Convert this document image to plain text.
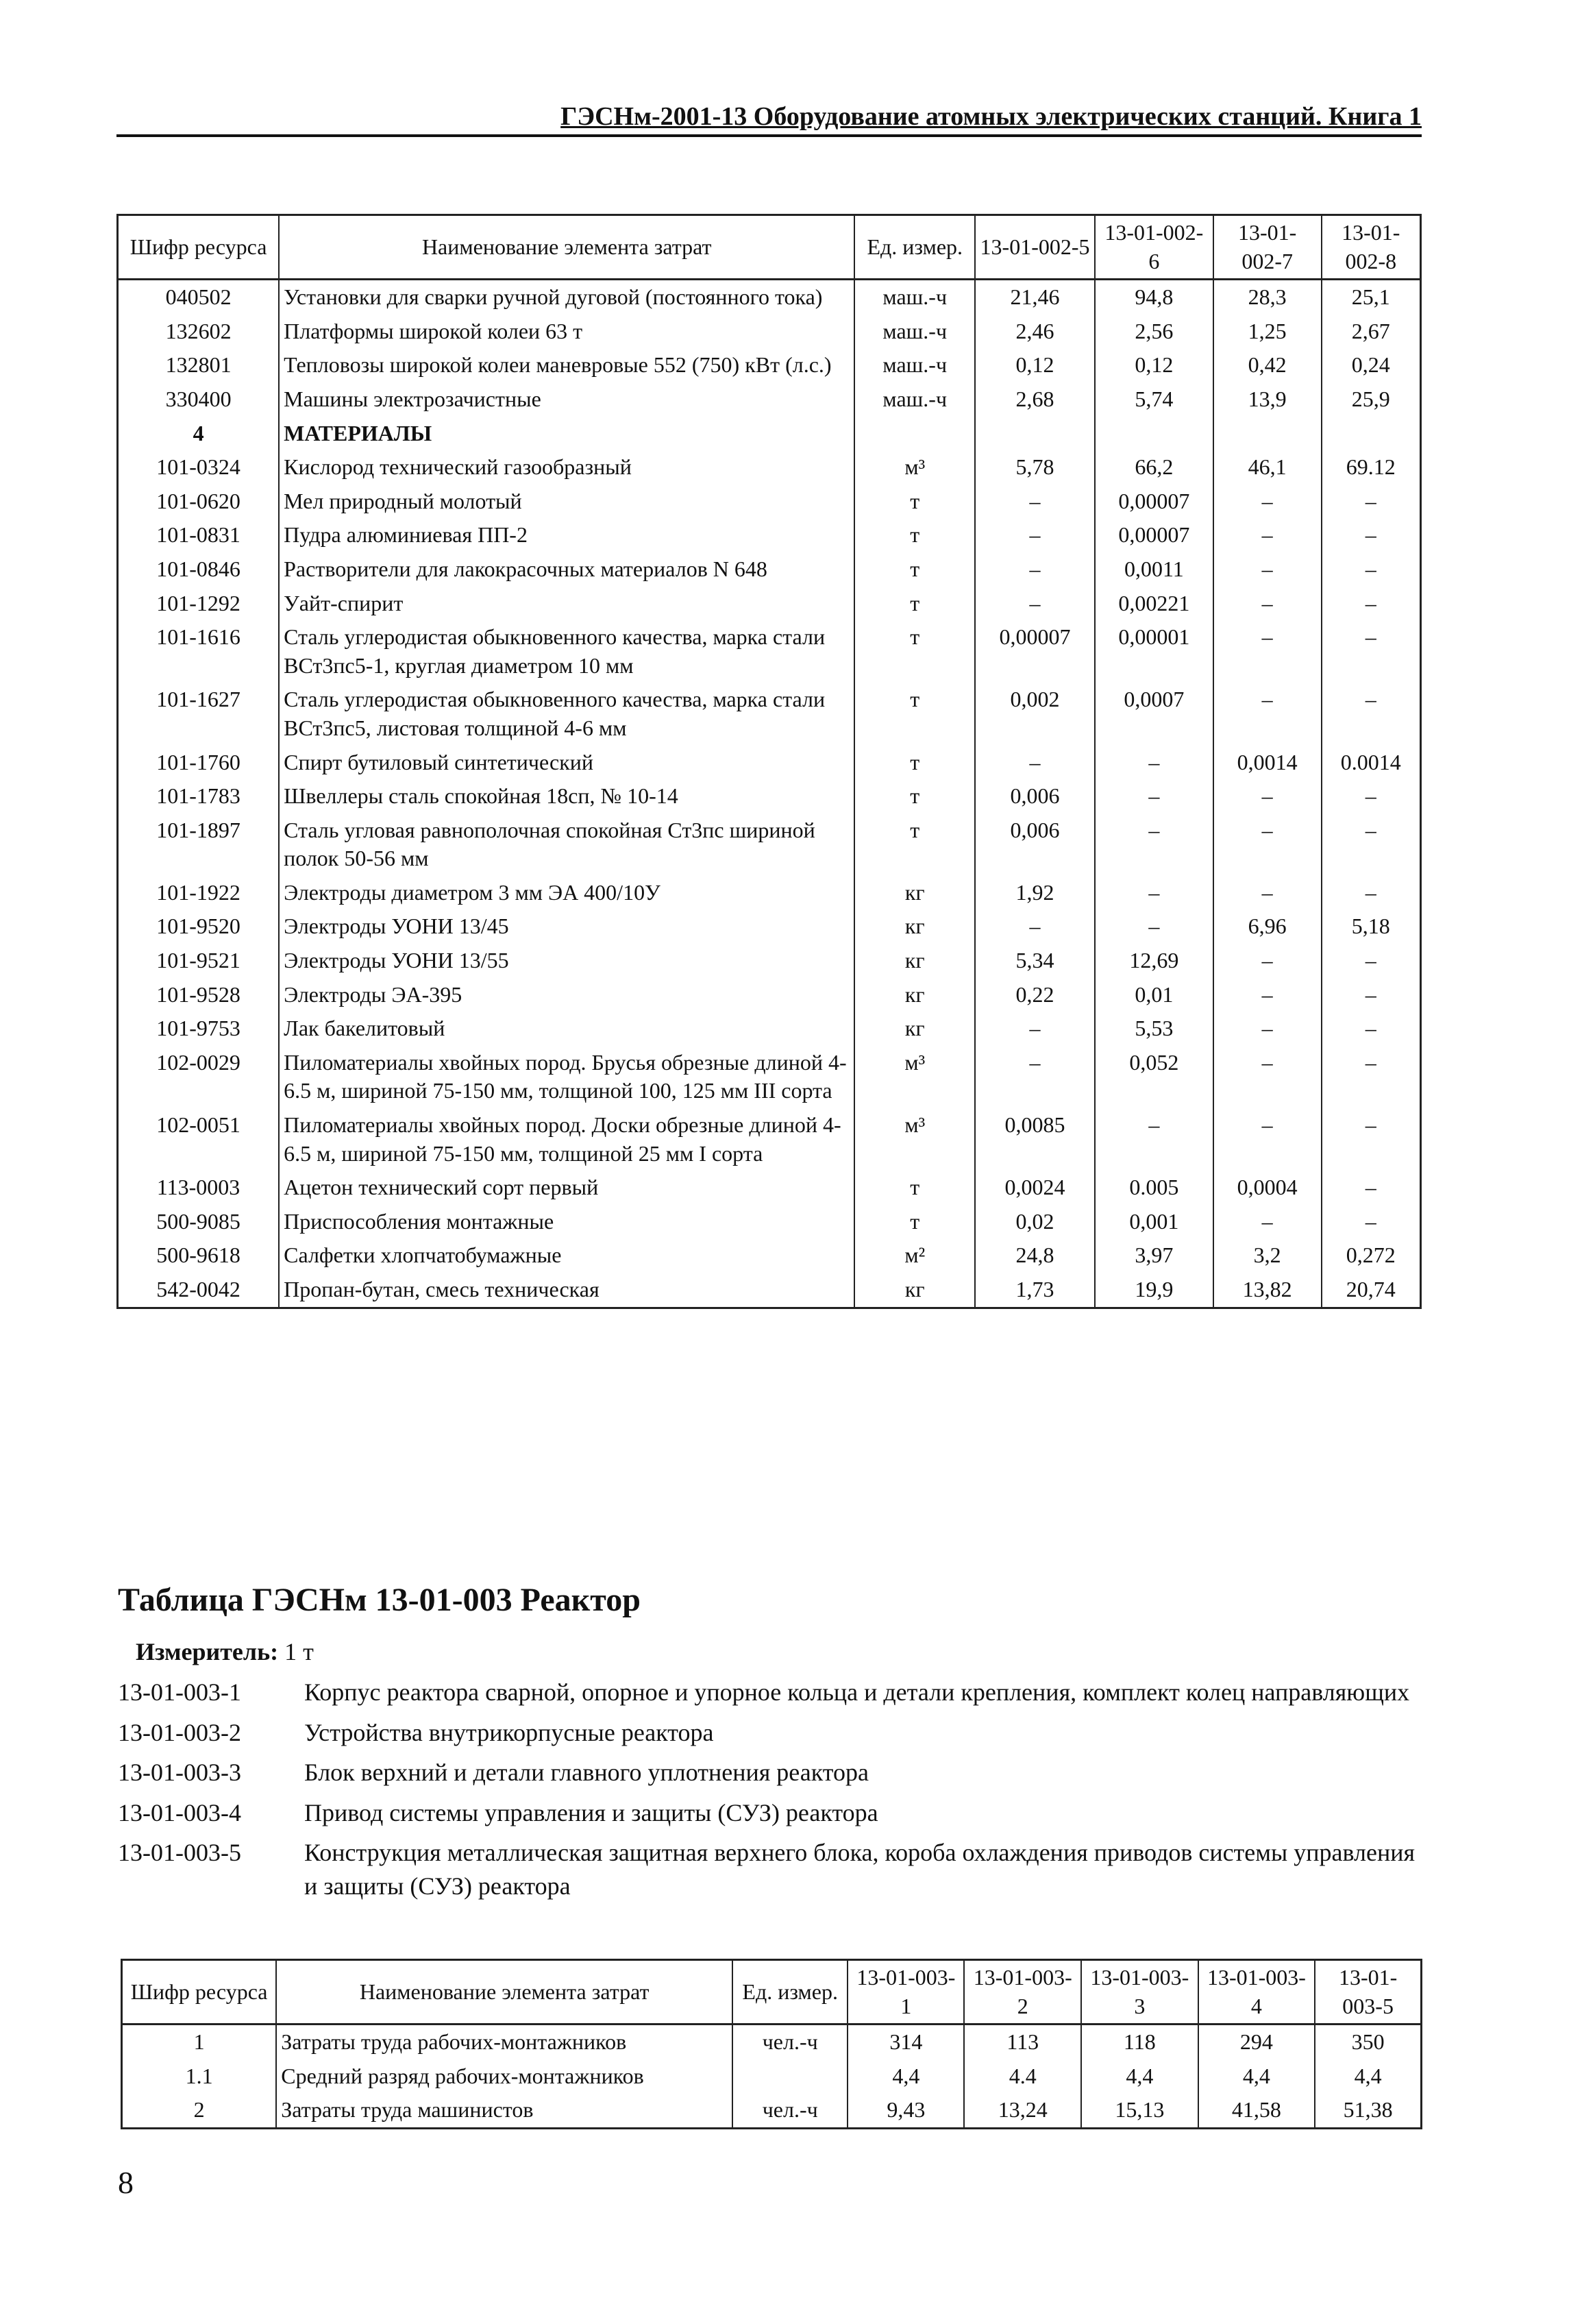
ГЭСНм-2001-13 Оборудование атомных электрических станций. Книга 1
Шифр ресурса	Наименование элемента затрат	Ед. измер.	13-01-002-5	13-01-002-6	13-01-002-7	13-01-002-8
040502	Установки для сварки ручной дуговой (постоянного тока)	маш.-ч	21,46	94,8	28,3	25,1
132602	Платформы широкой колеи 63 т	маш.-ч	2,46	2,56	1,25	2,67
132801	Тепловозы широкой колеи маневровые 552 (750) кВт (л.с.)	маш.-ч	0,12	0,12	0,42	0,24
330400	Машины электрозачистные	маш.-ч	2,68	5,74	13,9	25,9
4	МАТЕРИАЛЫ					
101-0324	Кислород технический газообразный	м³	5,78	66,2	46,1	69.12
101-0620	Мел природный молотый	т	–	0,00007	–	–
101-0831	Пудра алюминиевая ПП-2	т	–	0,00007	–	–
101-0846	Растворители для лакокрасочных материалов N 648	т	–	0,0011	–	–
101-1292	Уайт-спирит	т	–	0,00221	–	–
101-1616	Сталь углеродистая обыкновенного качества, марка стали ВСт3пс5-1, круглая диаметром 10 мм	т	0,00007	0,00001	–	–
101-1627	Сталь углеродистая обыкновенного качества, марка стали ВСт3пс5, листовая толщиной 4-6 мм	т	0,002	0,0007	–	–
101-1760	Спирт бутиловый синтетический	т	–	–	0,0014	0.0014
101-1783	Швеллеры сталь спокойная 18сп, № 10-14	т	0,006	–	–	–
101-1897	Сталь угловая равнополочная спокойная Ст3пс шириной полок 50-56 мм	т	0,006	–	–	–
101-1922	Электроды диаметром 3 мм ЭА 400/10У	кг	1,92	–	–	–
101-9520	Электроды УОНИ 13/45	кг	–	–	6,96	5,18
101-9521	Электроды УОНИ 13/55	кг	5,34	12,69	–	–
101-9528	Электроды ЭА-395	кг	0,22	0,01	–	–
101-9753	Лак бакелитовый	кг	–	5,53	–	–
102-0029	Пиломатериалы хвойных пород. Брусья обрезные длиной 4-6.5 м, шириной 75-150 мм, толщиной 100, 125 мм III сорта	м³	–	0,052	–	–
102-0051	Пиломатериалы хвойных пород. Доски обрезные длиной 4-6.5 м, шириной 75-150 мм, толщиной 25 мм I сорта	м³	0,0085	–	–	–
113-0003	Ацетон технический сорт первый	т	0,0024	0.005	0,0004	–
500-9085	Приспособления монтажные	т	0,02	0,001	–	–
500-9618	Салфетки хлопчатобумажные	м²	24,8	3,97	3,2	0,272
542-0042	Пропан-бутан, смесь техническая	кг	1,73	19,9	13,82	20,74
Таблица ГЭСНм 13-01-003 Реактор
Измеритель: 1 т
13-01-003-1	Корпус реактора сварной, опорное и упорное кольца и детали крепления, комплект колец направляющих
13-01-003-2	Устройства внутрикорпусные реактора
13-01-003-3	Блок верхний и детали главного уплотнения реактора
13-01-003-4	Привод системы управления и защиты (СУЗ) реактора
13-01-003-5	Конструкция металлическая защитная верхнего блока, короба охлаждения приводов системы управления и защиты (СУЗ) реактора
Шифр ресурса	Наименование элемента затрат	Ед. измер.	13-01-003-1	13-01-003-2	13-01-003-3	13-01-003-4	13-01-003-5
1	Затраты труда рабочих-монтажников	чел.-ч	314	113	118	294	350
1.1	Средний разряд рабочих-монтажников		4,4	4.4	4,4	4,4	4,4
2	Затраты труда машинистов	чел.-ч	9,43	13,24	15,13	41,58	51,38
8
